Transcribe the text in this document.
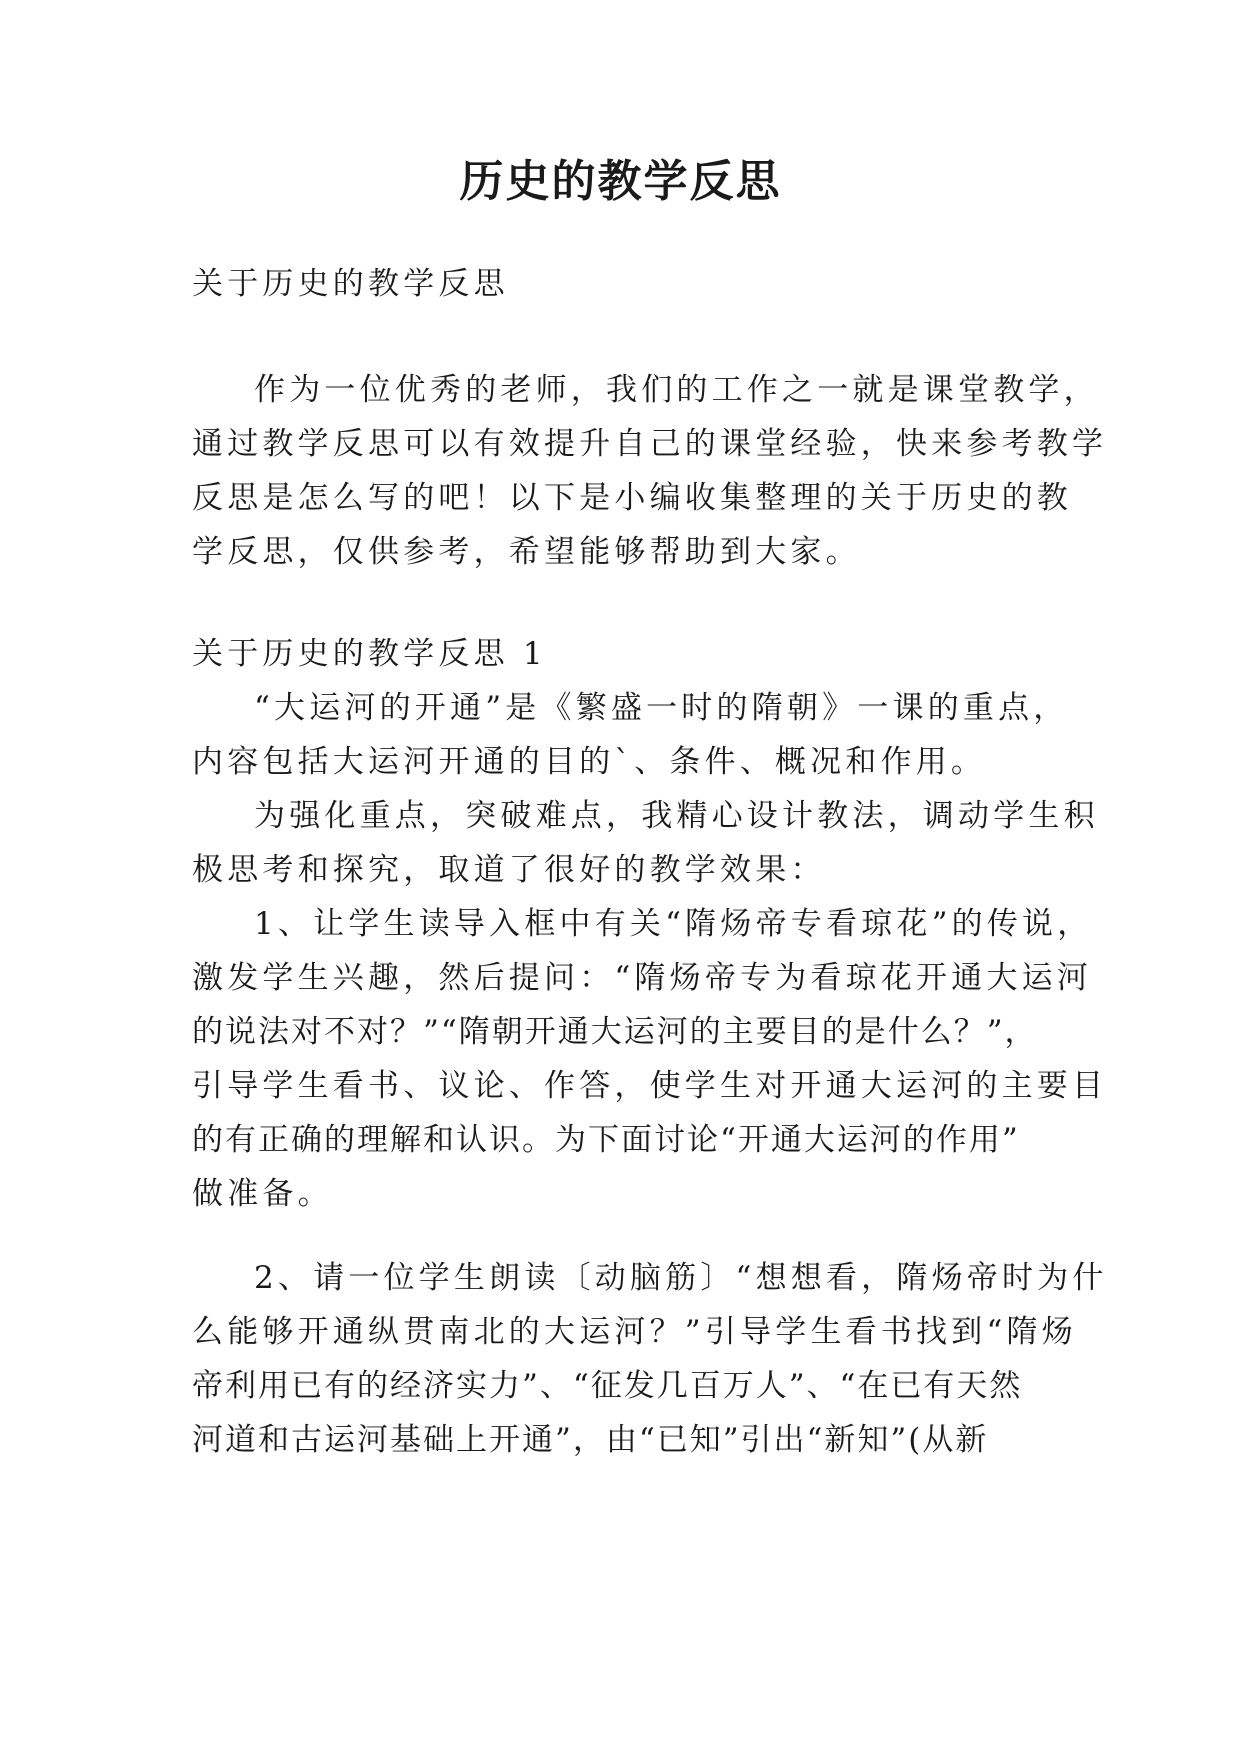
历史的教学反思
关于历史的教学反思
作为一位优秀的老师，我们的工作之一就是课堂教学，
通过教学反思可以有效提升自己的课堂经验，快来参考教学
反思是怎么写的吧！以下是小编收集整理的关于历史的教
学反思，仅供参考，希望能够帮助到大家。
关于历史的教学反思 1
“大运河的开通”是《繁盛一时的隋朝》一课的重点，
内容包括大运河开通的目的`、条件、概况和作用。
为强化重点，突破难点，我精心设计教法，调动学生积
极思考和探究，取道了很好的教学效果：
1、让学生读导入框中有关“隋炀帝专看琼花”的传说，
激发学生兴趣，然后提问：“隋炀帝专为看琼花开通大运河
的说法对不对？”“隋朝开通大运河的主要目的是什么？”，
引导学生看书、议论、作答，使学生对开通大运河的主要目
的有正确的理解和认识。为下面讨论“开通大运河的作用”
做准备。
2、请一位学生朗读〔动脑筋〕“想想看，隋炀帝时为什
么能够开通纵贯南北的大运河？”引导学生看书找到“隋炀
帝利用已有的经济实力”、“征发几百万人”、“在已有天然
河道和古运河基础上开通”，由“已知”引出“新知”(从新
